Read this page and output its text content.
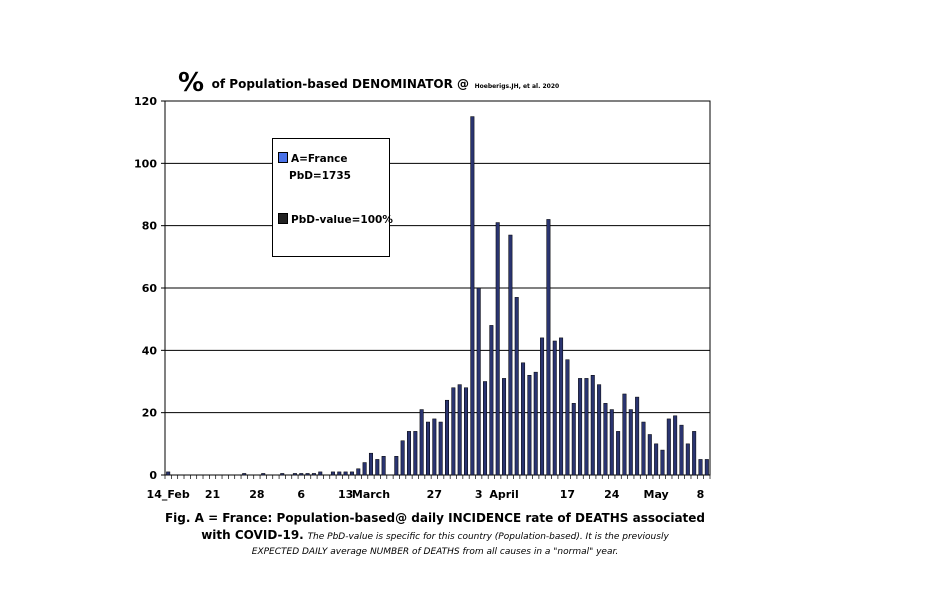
0
20
40
60
80
100
120
14_Feb 21	28	6	13
March	27	3 April	17	24 May	8
% of Population-based DENOMINATOR @ Hoeberigs.JH, et al. 2020
A=France
PbD=1735
PbD-value=100%
Fig. A = France: Population-based@ daily INCIDENCE rate of DEATHS associated
with COVID-19. The PbD-value is specific for this country (Population-based). It is the previously
EXPECTED DAILY average NUMBER of DEATHS from all causes in a "normal" year.
